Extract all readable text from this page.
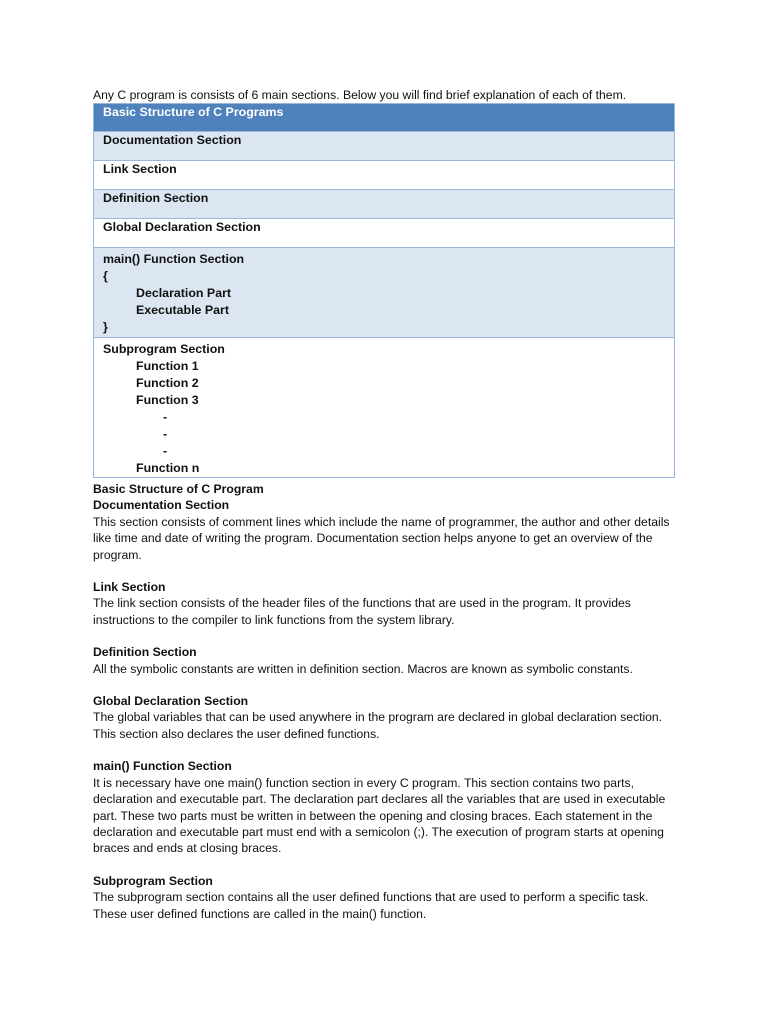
Any C program is consists of 6 main sections. Below you will find brief explanation of each of them.

Basic Structure of C Programs
Documentation Section
Link Section
Definition Section
Global Declaration Section

main() Function Section
{
Declaration Part
Executable Part
}

Subprogram Section
Function 1
Function 2
Function 3
-
-
-
Function n

Basic Structure of C Program

Documentation Section

This section consists of comment lines which include the name of programmer, the author and other details like time and date of writing the program. Documentation section helps anyone to get an overview of the program.

Link Section

The link section consists of the header files of the functions that are used in the program. It provides instructions to the compiler to link functions from the system library.

Definition Section

All the symbolic constants are written in definition section. Macros are known as symbolic constants.

Global Declaration Section

The global variables that can be used anywhere in the program are declared in global declaration section. This section also declares the user defined functions.

main() Function Section

It is necessary have one main() function section in every C program. This section contains two parts, declaration and executable part. The declaration part declares all the variables that are used in executable part. These two parts must be written in between the opening and closing braces. Each statement in the declaration and executable part must end with a semicolon (;). The execution of program starts at opening braces and ends at closing braces.

Subprogram Section

The subprogram section contains all the user defined functions that are used to perform a specific task. These user defined functions are called in the main() function.
